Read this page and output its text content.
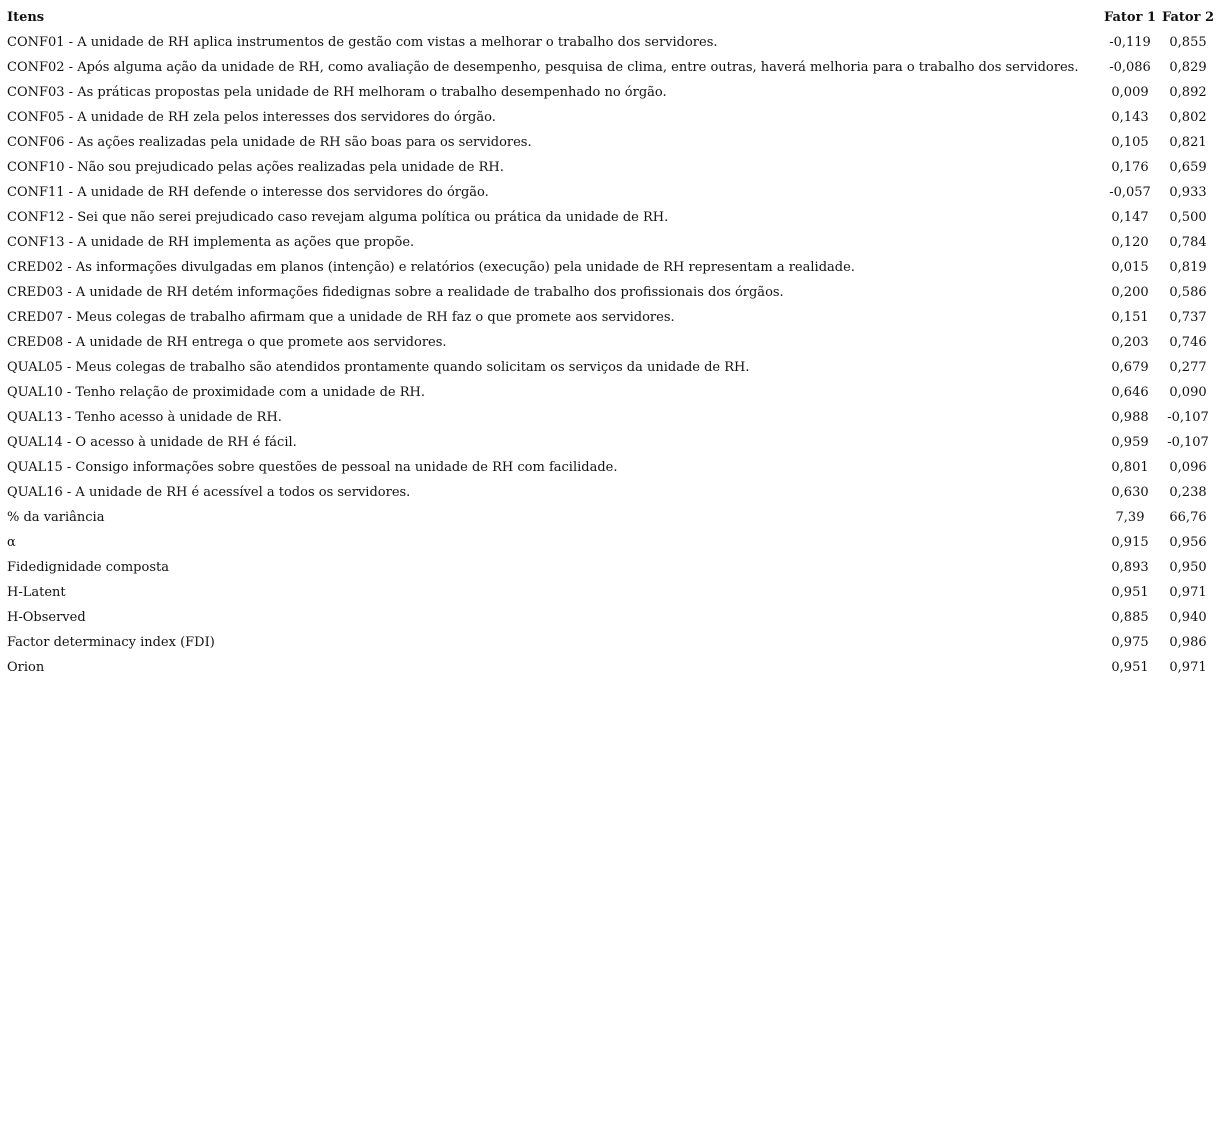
Itens	Fator 1 Fator 2
CONF01 - A unidade de RH aplica instrumentos de gestão com vistas a melhorar o trabalho dos servidores.	-0,119	0,855
CONF02 - Após alguma ação da unidade de RH, como avaliação de desempenho, pesquisa de clima, entre outras, haverá melhoria para o trabalho dos servidores.	-0,086	0,829
CONF03 - As práticas propostas pela unidade de RH melhoram o trabalho desempenhado no órgão.	0,009	0,892
CONF05 - A unidade de RH zela pelos interesses dos servidores do órgão.	0,143	0,802
CONF06 - As ações realizadas pela unidade de RH são boas para os servidores.	0,105	0,821
CONF10 - Não sou prejudicado pelas ações realizadas pela unidade de RH.	0,176	0,659
CONF11 - A unidade de RH defende o interesse dos servidores do órgão.	-0,057	0,933
CONF12 - Sei que não serei prejudicado caso revejam alguma política ou prática da unidade de RH.	0,147	0,500
CONF13 - A unidade de RH implementa as ações que propõe.	0,120	0,784
CRED02 - As informações divulgadas em planos (intenção) e relatórios (execução) pela unidade de RH representam a realidade.	0,015	0,819
CRED03 - A unidade de RH detém informações fidedignas sobre a realidade de trabalho dos profissionais dos órgãos.	0,200	0,586
CRED07 - Meus colegas de trabalho afirmam que a unidade de RH faz o que promete aos servidores.	0,151	0,737
CRED08 - A unidade de RH entrega o que promete aos servidores.	0,203	0,746
QUAL05 - Meus colegas de trabalho são atendidos prontamente quando solicitam os serviços da unidade de RH.	0,679	0,277
QUAL10 - Tenho relação de proximidade com a unidade de RH.	0,646	0,090
QUAL13 - Tenho acesso à unidade de RH.	0,988	-0,107
QUAL14 - O acesso à unidade de RH é fácil.	0,959	-0,107
QUAL15 - Consigo informações sobre questões de pessoal na unidade de RH com facilidade.	0,801	0,096
QUAL16 - A unidade de RH é acessível a todos os servidores.	0,630	0,238
% da variância	7,39	66,76
α	0,915	0,956
Fidedignidade composta	0,893	0,950
H-Latent	0,951	0,971
H-Observed	0,885	0,940
Factor determinacy index (FDI)	0,975	0,986
Orion	0,951	0,971
